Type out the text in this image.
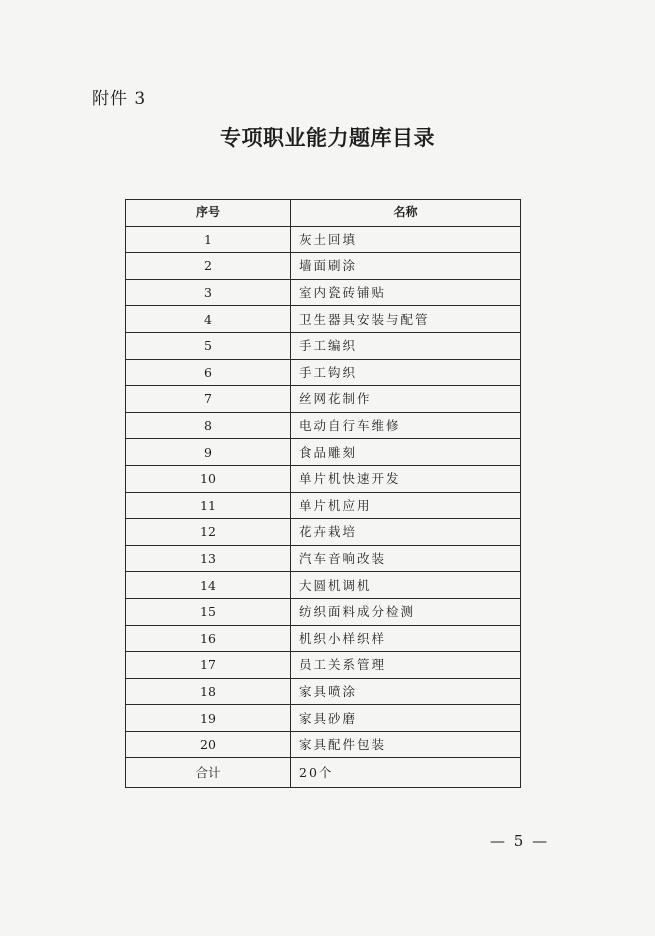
附件 3
专项职业能力题库目录
序号	名称
1	灰土回填
2	墙面刷涂
3	室内瓷砖铺贴
4	卫生器具安装与配管
5	手工编织
6	手工钩织
7	丝网花制作
8	电动自行车维修
9	食品雕刻
10	单片机快速开发
11	单片机应用
12	花卉栽培
13	汽车音响改装
14	大圆机调机
15	纺织面料成分检测
16	机织小样织样
17	员工关系管理
18	家具喷涂
19	家具砂磨
20	家具配件包装
合计	20个
— 5 —
